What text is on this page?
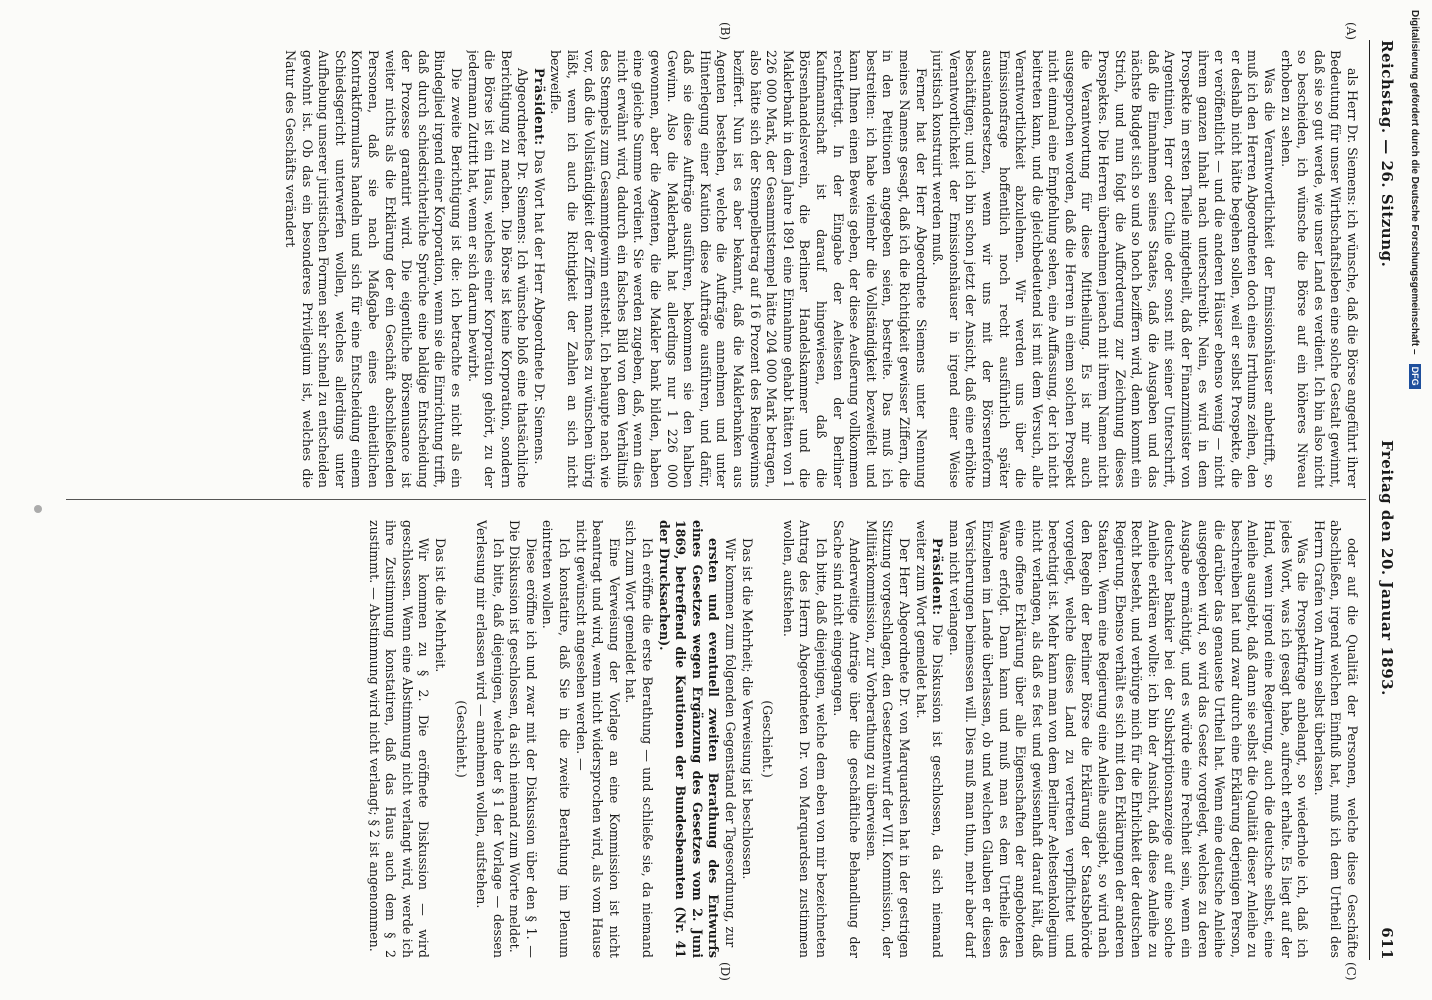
Reichstag. — 26. Sitzung.
Freitag den 20. Januar 1893.
611
(A)
(B)
(C)
(D)

als Herr Dr. Siemens: ich wünsche, daß die Börse angeführt ihrer Bedeutung für unser Wirthschaftsleben eine solche Gestalt gewinnt, daß sie so gut werde, wie unser Land es verdient. Ich bin also nicht so bescheiden, ich wünsche die Börse auf ein höheres Niveau erhoben zu sehen.

Was die Verantwortlichkeit der Emissionshäuser anbetrifft, so muß ich den Herren Abgeordneten doch eines Irrthums zeihen, den er deshalb nicht hätte begehen sollen, weil er selbst Prospekte, die er veröffentlicht — und die anderen Häuser ebenso wenig — nicht ihrem ganzen Inhalt nach unterschreibt. Nein, es wird in dem Prospekte im ersten Theile mitgetheilt, daß der Finanzminister von Argentinien, Herr oder Chile oder sonst mit seiner Unterschrift, daß die Einnahmen seines Staates, daß die Ausgaben und das nächste Budget sich so und so hoch beziffern wird, denn kommt ein Strich, und nun folgt die Aufforderung zur Zeichnung dieses Prospektes. Die Herren übernehmen jenach mit ihrem Namen nicht die Verantwortung für diese Mittheilung. Es ist mir auch ausgesprochen worden, daß die Herren in einem solchen Prospekt nicht einmal eine Empfehlung sehen, eine Auffassung, der ich nicht beitreten kann, und die gleichbedeutend ist mit dem Versuch, alle Verantwortlichkeit abzulehnen. Wir werden uns über die Emissionsfrage hoffentlich noch recht ausführlich später auseinandersetzen, wenn wir uns mit der Börsenreform beschäftigen; und ich bin schon jetzt der Ansicht, daß eine erhöhte Verantwortlichkeit der Emissionshäuser in irgend einer Weise juristisch konstruirt werden muß.

Ferner hat der Herr Abgeordnete Siemens unter Nennung meines Namens gesagt, daß ich die Richtigkeit gewisser Ziffern, die in den Petitionen angegeben seien, bestreite. Das muß ich bestreiten: ich habe vielmehr die Vollständigkeit bezweifelt und kann Ihnen einen Beweis geben, der diese Aeußerung vollkommen rechtfertigt. In der Eingabe der Aeltesten der Berliner Kaufmannschaft ist darauf hingewiesen, daß die Börsenhandelsverein, die Berliner Handelskammer und die Maklerbank in dem Jahre 1891 eine Einnahme gehabt hätten von 1 226 000 Mark, der Gesammtstempel hätte 204 000 Mark betragen, also hätte sich der Stempelbetrag auf 16 Prozent des Reingewinns beziffert. Nun ist es aber bekannt, daß die Maklerbanken aus Agenten bestehen, welche die Aufträge annehmen und unter Hinterlegung einer Kaution diese Aufträge ausführen, und dafür, daß sie diese Aufträge ausführen, bekommen sie den halben Gewinn. Also die Maklerbank hat allerdings nur 1 226 000 gewonnen, aber die Agenten, die die Makler bank bilden, haben eine gleiche Summe verdient. Sie werden zugeben, daß, wenn dies nicht erwähnt wird, dadurch ein falsches Bild von dem Verhältniß des Stempels zum Gesammtgewinn entsteht. Ich behaupte nach wie vor, daß die Vollständigkeit der Ziffern manches zu wünschen übrig läßt, wenn ich auch die Richtigkeit der Zahlen an sich nicht bezweifle.

Präsident: Das Wort hat der Herr Abgeordnete Dr. Siemens.

Abgeordneter Dr. Siemens: Ich wünsche bloß eine thatsächliche Berichtigung zu machen. Die Börse ist keine Korporation, sondern die Börse ist ein Haus, welches einer Korporation gehört, zu der jedermann Zutritt hat, wenn er sich darum bewirbt.

Die zweite Berichtigung ist die: ich betrachte es nicht als ein Bindeglied irgend einer Korporation, wenn sie die Einrichtung trifft, daß durch schiedsrichterliche Sprüche eine baldige Entscheidung der Prozesse garantirt wird. Die eigentliche Börsenusance ist weiter nichts als die Erklärung der ein Geschäft abschließenden Personen, daß sie nach Maßgabe eines einheitlichen Kontraktformulars handeln und sich für eine Entscheidung einem Schiedsgericht unterwerfen wollen, welches allerdings unter Aufhebung unserer juristischen Formen sehr schnell zu entscheiden gewohnt ist. Ob das ein besonderes Privilegium ist, welches die Natur des Geschäfts verändert

oder auf die Qualität der Personen, welche diese Geschäfte abschließen, irgend welchen Einfluß hat, muß ich dem Urtheil des Herrn Grafen von Arnim selbst überlassen.

Was die Prospektfrage anbelangt, so wiederhole ich, daß ich jedes Wort, was ich gesagt habe, aufrecht erhalte. Es liegt auf der Hand, wenn irgend eine Regierung, auch die deutsche selbst, eine Anleihe ausgiebt, daß dann sie selbst die Qualität dieser Anleihe zu beschreiben hat und zwar durch eine Erklärung derjenigen Person, die darüber das genaueste Urtheil hat. Wenn eine deutsche Anleihe ausgegeben wird, so wird das Gesetz vorgelegt, welches zu deren Ausgabe ermächtigt, und es würde eine Frechheit sein, wenn ein deutscher Bankier bei der Subskriptionsanzeige auf eine solche Anleihe erklären wollte: ich bin der Ansicht, daß diese Anleihe zu Recht besteht, und verbürge mich für die Ehrlichkeit der deutschen Regierung. Ebenso verhält es sich mit den Erklärungen der anderen Staaten. Wenn eine Regierung eine Anleihe ausgiebt, so wird nach den Regeln der Berliner Börse die Erklärung der Staatsbehörde vorgelegt, welche dieses Land zu vertreten verpflichtet und berechtigt ist. Mehr kann man von dem Berliner Aeltestenkollegium nicht verlangen, als daß es fest und gewissenhaft darauf hält, daß eine offene Erklärung über alle Eigenschaften der angebotenen Waare erfolgt. Dann kann und muß man es dem Urtheile des Einzelnen im Lande überlassen, ob und welchen Glauben er diesen Versicherungen beimessen will. Dies muß man thun, mehr aber darf man nicht verlangen.

Präsident: Die Diskussion ist geschlossen, da sich niemand weiter zum Wort gemeldet hat.

Der Herr Abgeordnete Dr. von Marquardsen hat in der gestrigen Sitzung vorgeschlagen, den Gesetzentwurf der VII. Kommission, der Militärkommission, zur Vorberathung zu überweisen.

Anderweitige Anträge über die geschäftliche Behandlung der Sache sind nicht eingegangen.

Ich bitte, daß diejenigen, welche dem eben von mir bezeichneten Antrag des Herrn Abgeordneten Dr. von Marquardsen zustimmen wollen, aufstehen.

(Geschieht.)

Das ist die Mehrheit; die Verweisung ist beschlossen.

Wir kommen zum folgenden Gegenstand der Tagesordnung, zur

ersten und eventuell zweiten Berathung des Entwurfs eines Gesetzes wegen Ergänzung des Gesetzes vom 2. Juni 1869, betreffend die Kautionen der Bundesbeamten (Nr. 41 der Drucksachen).

Ich eröffne die erste Berathung — und schließe sie, da niemand sich zum Wort gemeldet hat.

Eine Verweisung der Vorlage an eine Kommission ist nicht beantragt und wird, wenn nicht widersprochen wird, als vom Hause nicht gewünscht angesehen werden. —

Ich konstatire, daß Sie in die zweite Berathung im Plenum eintreten wollen.

Diese eröffne ich und zwar mit der Diskussion über den § 1. — Die Diskussion ist geschlossen, da sich niemand zum Worte meldet.

Ich bitte, daß diejenigen, welche der § 1 der Vorlage — dessen Verlesung mir erlassen wird — annehmen wollen, aufstehen.

(Geschieht.)

Das ist die Mehrheit.

Wir kommen zu § 2. Die eröffnete Diskussion — wird geschlossen. Wenn eine Abstimmung nicht verlangt wird, werde ich ihre Zustimmung konstatiren, daß das Haus auch dem § 2 zustimmt. — Abstimmung wird nicht verlangt; § 2 ist angenommen.

Digitalisierung gefördert durch die Deutsche Forschungsgemeinschaft – DFG
